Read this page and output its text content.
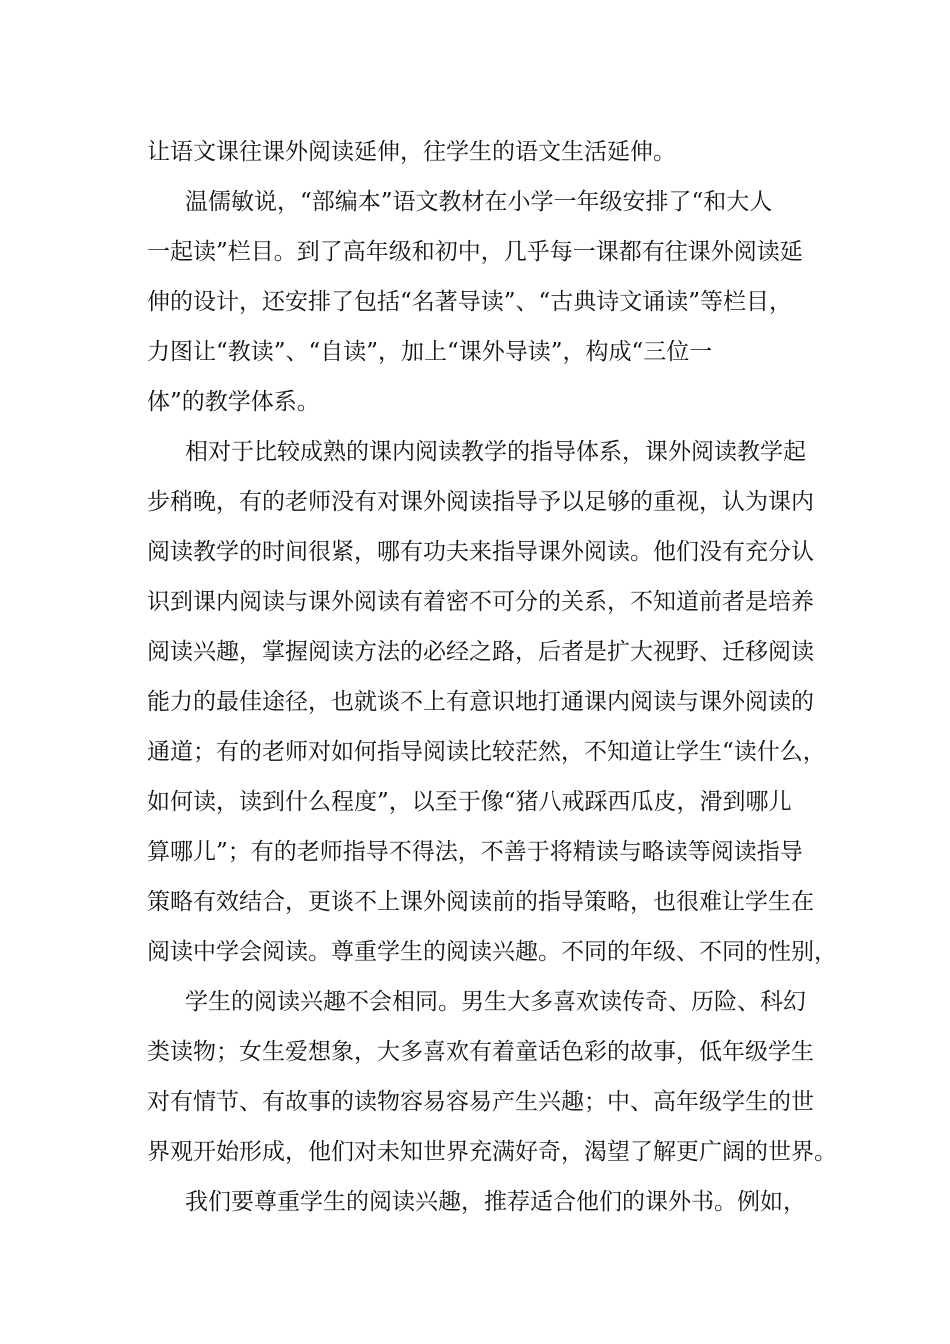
让语文课往课外阅读延伸，往学生的语文生活延伸。

温儒敏说，“部编本”语文教材在小学一年级安排了“和大人

一起读”栏目。到了高年级和初中，几乎每一课都有往课外阅读延

伸的设计，还安排了包括“名著导读”、“古典诗文诵读”等栏目，

力图让“教读”、“自读”，加上“课外导读”，构成“三位一

体”的教学体系。

相对于比较成熟的课内阅读教学的指导体系，课外阅读教学起

步稍晚，有的老师没有对课外阅读指导予以足够的重视，认为课内

阅读教学的时间很紧，哪有功夫来指导课外阅读。他们没有充分认

识到课内阅读与课外阅读有着密不可分的关系，不知道前者是培养

阅读兴趣，掌握阅读方法的必经之路，后者是扩大视野、迁移阅读

能力的最佳途径，也就谈不上有意识地打通课内阅读与课外阅读的

通道；有的老师对如何指导阅读比较茫然，不知道让学生“读什么，

如何读，读到什么程度”，以至于像“猪八戒踩西瓜皮，滑到哪儿

算哪儿”；有的老师指导不得法，不善于将精读与略读等阅读指导

策略有效结合，更谈不上课外阅读前的指导策略，也很难让学生在

阅读中学会阅读。尊重学生的阅读兴趣。不同的年级、不同的性别，

学生的阅读兴趣不会相同。男生大多喜欢读传奇、历险、科幻

类读物；女生爱想象，大多喜欢有着童话色彩的故事，低年级学生

对有情节、有故事的读物容易容易产生兴趣；中、高年级学生的世

界观开始形成，他们对未知世界充满好奇，渴望了解更广阔的世界。

我们要尊重学生的阅读兴趣，推荐适合他们的课外书。例如，
